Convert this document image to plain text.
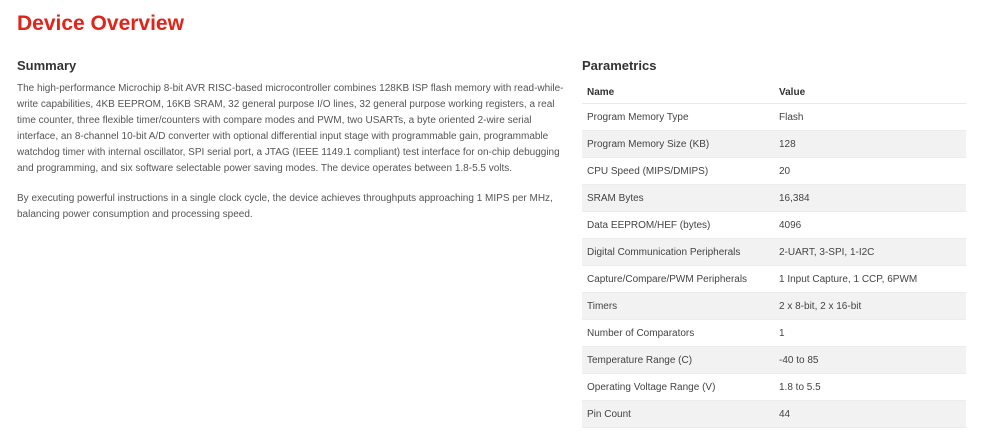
Device Overview
Summary

The high-performance Microchip 8-bit AVR RISC-based microcontroller combines 128KB ISP flash memory with read-while-write capabilities, 4KB EEPROM, 16KB SRAM, 32 general purpose I/O lines, 32 general purpose working registers, a real time counter, three flexible timer/counters with compare modes and PWM, two USARTs, a byte oriented 2-wire serial interface, an 8-channel 10-bit A/D converter with optional differential input stage with programmable gain, programmable watchdog timer with internal oscillator, SPI serial port, a JTAG (IEEE 1149.1 compliant) test interface for on-chip debugging and programming, and six software selectable power saving modes. The device operates between 1.8-5.5 volts.

By executing powerful instructions in a single clock cycle, the device achieves throughputs approaching 1 MIPS per MHz, balancing power consumption and processing speed.

Parametrics
Name	Value
Program Memory Type	Flash
Program Memory Size (KB)	128
CPU Speed (MIPS/DMIPS)	20
SRAM Bytes	16,384
Data EEPROM/HEF (bytes)	4096
Digital Communication Peripherals	2-UART, 3-SPI, 1-I2C
Capture/Compare/PWM Peripherals	1 Input Capture, 1 CCP, 6PWM
Timers	2 x 8-bit, 2 x 16-bit
Number of Comparators	1
Temperature Range (C)	-40 to 85
Operating Voltage Range (V)	1.8 to 5.5
Pin Count	44
